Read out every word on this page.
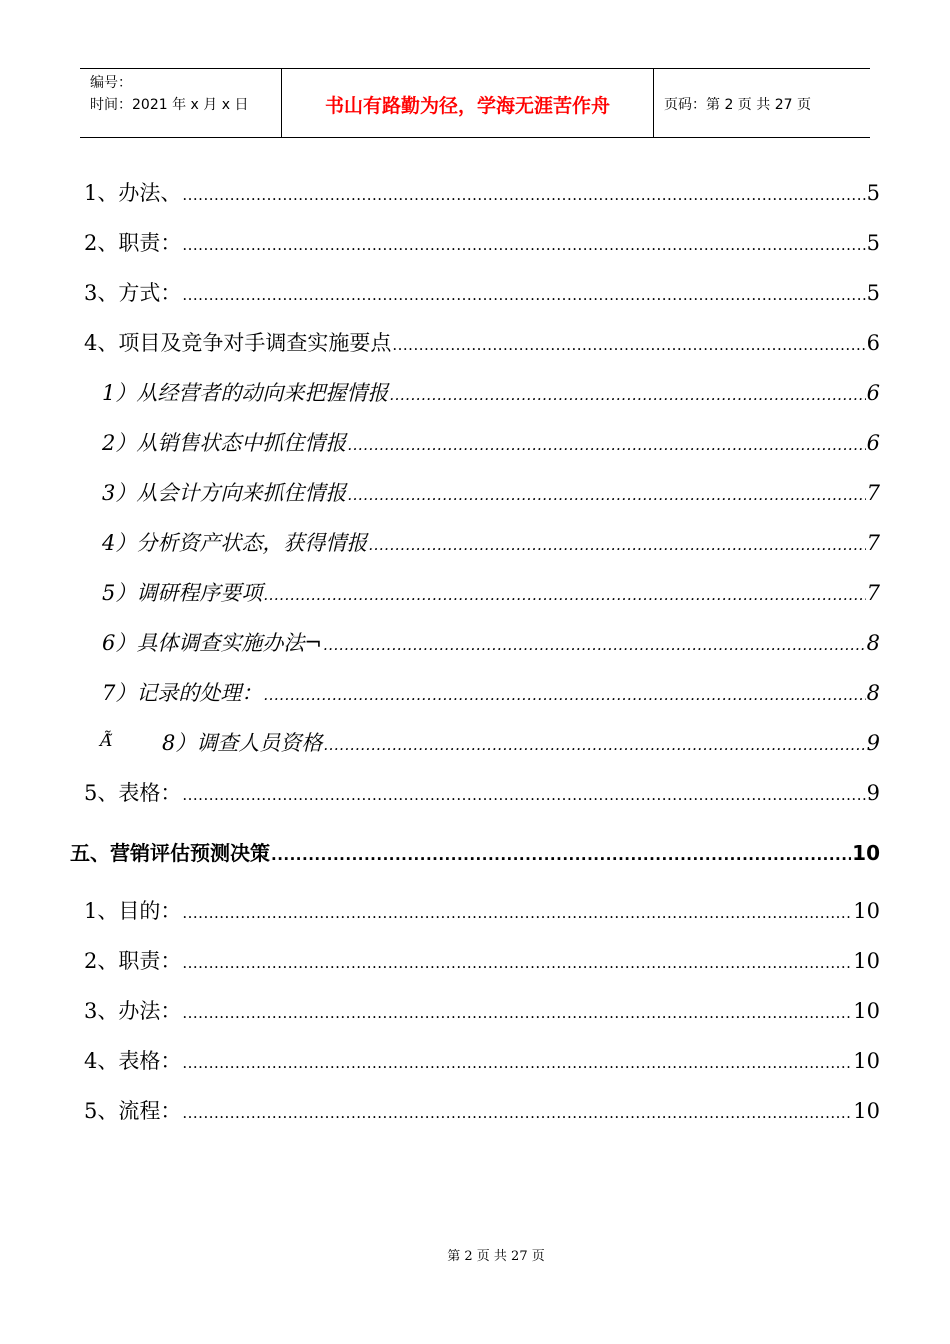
编号：
时间：2021 年 x 月 x 日	书山有路勤为径，学海无涯苦作舟	页码：第 2 页 共 27 页
1、办法、 .....	5
2、职责： .....	5
3、方式： .....	5
4、项目及竞争对手调查实施要点 .....	6
1）从经营者的动向来把握情报 .....	6
2）从销售状态中抓住情报 .....	6
3）从会计方向来抓住情报 .....	7
4）分析资产状态，获得情报 .....	7
5）调研程序要项 .....	7
6）具体调查实施办法¬ .....	8
7）记录的处理： .....	8
Ã̃ 8）调查人员资格 .....	9
5、表格： .....	9
五、营销评估预测决策 .....	10
1、目的： .....	10
2、职责： .....	10
3、办法： .....	10
4、表格： .....	10
5、流程： .....	10
第 2 页 共 27 页
